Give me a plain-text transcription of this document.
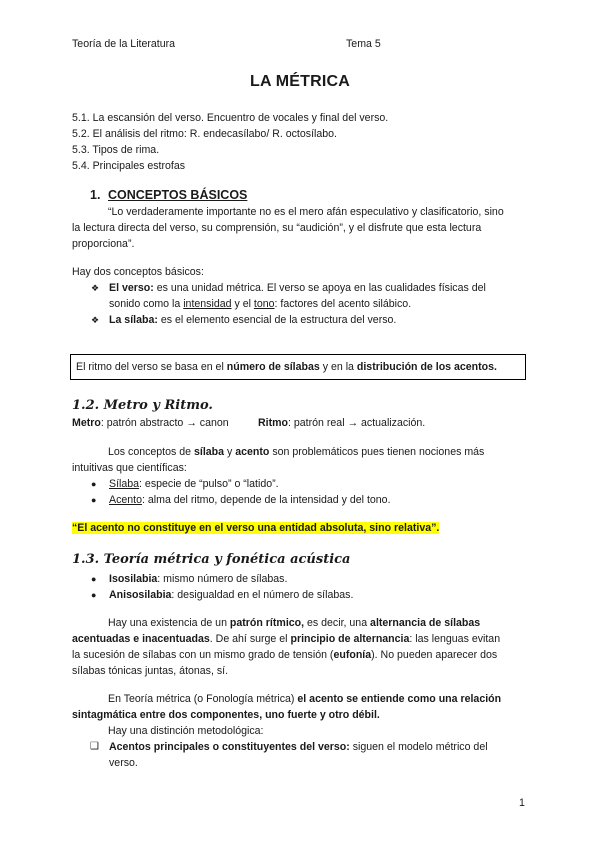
Teoría de la Literatura	Tema 5
LA MÉTRICA
5.1. La escansión del verso. Encuentro de vocales y final del verso.
5.2. El análisis del ritmo: R. endecasílabo/ R. octosílabo.
5.3. Tipos de rima.
5.4. Principales estrofas
1. CONCEPTOS BÁSICOS
“Lo verdaderamente importante no es el mero afán especulativo y clasificatorio, sino
la lectura directa del verso, su comprensión, su “audición”, y el disfrute que esta lectura
proporciona”.
Hay dos conceptos básicos:
❖ El verso: es una unidad métrica. El verso se apoya en las cualidades físicas del
sonido como la intensidad y el tono: factores del acento silábico.
❖ La sílaba: es el elemento esencial de la estructura del verso.
El ritmo del verso se basa en el número de sílabas y en la distribución de los acentos.
1.2. Metro y Ritmo.
Metro: patrón abstracto → canon	Ritmo: patrón real → actualización.
Los conceptos de sílaba y acento son problemáticos pues tienen nociones más
intuitivas que científicas:
● Sílaba: especie de “pulso” o “latido”.
● Acento: alma del ritmo, depende de la intensidad y del tono.
“El acento no constituye en el verso una entidad absoluta, sino relativa”.
1.3. Teoría métrica y fonética acústica
● Isosilabia: mismo número de sílabas.
● Anisosilabia: desigualdad en el número de sílabas.
Hay una existencia de un patrón rítmico, es decir, una alternancia de sílabas
acentuadas e inacentuadas. De ahí surge el principio de alternancia: las lenguas evitan
la sucesión de sílabas con un mismo grado de tensión (eufonía). No pueden aparecer dos
sílabas tónicas juntas, átonas, sí.
En Teoría métrica (o Fonología métrica) el acento se entiende como una relación
sintagmática entre dos componentes, uno fuerte y otro débil.
Hay una distinción metodológica:
❑ Acentos principales o constituyentes del verso: siguen el modelo métrico del
verso.
1
